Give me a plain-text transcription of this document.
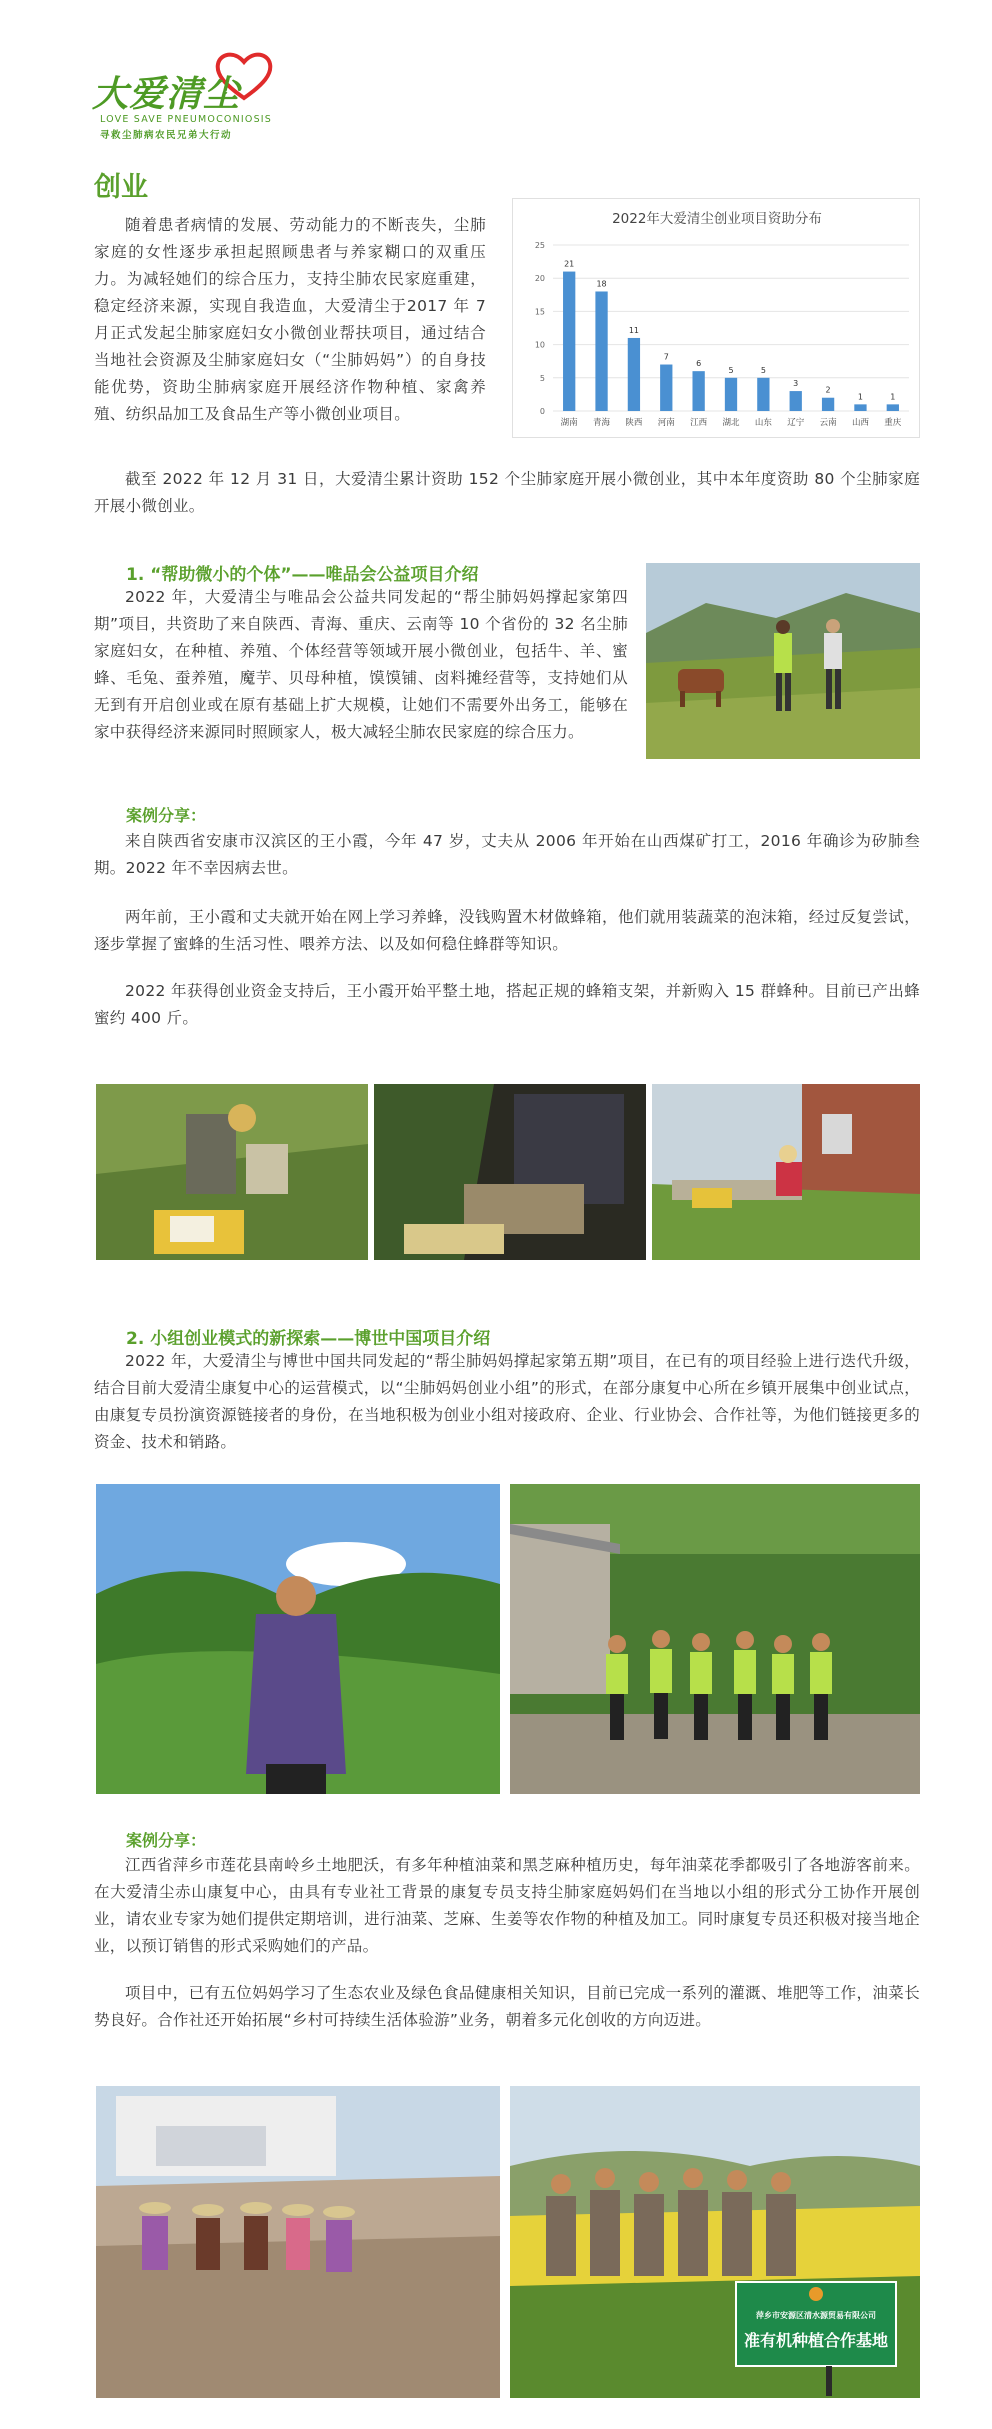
大爱清尘
LOVE SAVE PNEUMOCONIOSIS
寻救尘肺病农民兄弟大行动
创业

随着患者病情的发展、劳动能力的不断丧失，尘肺家庭的女性逐步承担起照顾患者与养家糊口的双重压力。为减轻她们的综合压力，支持尘肺农民家庭重建，稳定经济来源，实现自我造血，大爱清尘于2017 年 7 月正式发起尘肺家庭妇女小微创业帮扶项目，通过结合当地社会资源及尘肺家庭妇女（“尘肺妈妈”）的自身技能优势，资助尘肺病家庭开展经济作物种植、家禽养殖、纺织品加工及食品生产等小微创业项目。

2022年大爱清尘创业项目资助分布
0
5
10
15
20
25
21
湖南
18
青海
11
陕西
7
河南
6
江西
5
湖北
5
山东
3
辽宁
2
云南
1
山西
1
重庆

截至 2022 年 12 月 31 日，大爱清尘累计资助 152 个尘肺家庭开展小微创业，其中本年度资助 80 个尘肺家庭开展小微创业。

1. “帮助微小的个体”——唯品会公益项目介绍

2022 年，大爱清尘与唯品会公益共同发起的“帮尘肺妈妈撑起家第四期”项目，共资助了来自陕西、青海、重庆、云南等 10 个省份的 32 名尘肺家庭妇女，在种植、养殖、个体经营等领域开展小微创业，包括牛、羊、蜜蜂、毛兔、蚕养殖，魔芋、贝母种植，馍馍铺、卤料摊经营等，支持她们从无到有开启创业或在原有基础上扩大规模，让她们不需要外出务工，能够在家中获得经济来源同时照顾家人，极大减轻尘肺农民家庭的综合压力。

案例分享：

来自陕西省安康市汉滨区的王小霞，今年 47 岁，丈夫从 2006 年开始在山西煤矿打工，2016 年确诊为矽肺叁期。2022 年不幸因病去世。

两年前，王小霞和丈夫就开始在网上学习养蜂，没钱购置木材做蜂箱，他们就用装蔬菜的泡沫箱，经过反复尝试，逐步掌握了蜜蜂的生活习性、喂养方法、以及如何稳住蜂群等知识。

2022 年获得创业资金支持后，王小霞开始平整土地，搭起正规的蜂箱支架，并新购入 15 群蜂种。目前已产出蜂蜜约 400 斤。

2. 小组创业模式的新探索——博世中国项目介绍

2022 年，大爱清尘与博世中国共同发起的“帮尘肺妈妈撑起家第五期”项目，在已有的项目经验上进行迭代升级，结合目前大爱清尘康复中心的运营模式，以“尘肺妈妈创业小组”的形式，在部分康复中心所在乡镇开展集中创业试点，由康复专员扮演资源链接者的身份，在当地积极为创业小组对接政府、企业、行业协会、合作社等，为他们链接更多的资金、技术和销路。

案例分享：

江西省萍乡市莲花县南岭乡土地肥沃，有多年种植油菜和黑芝麻种植历史，每年油菜花季都吸引了各地游客前来。在大爱清尘赤山康复中心，由具有专业社工背景的康复专员支持尘肺家庭妈妈们在当地以小组的形式分工协作开展创业，请农业专家为她们提供定期培训，进行油菜、芝麻、生姜等农作物的种植及加工。同时康复专员还积极对接当地企业，以预订销售的形式采购她们的产品。

项目中，已有五位妈妈学习了生态农业及绿色食品健康相关知识，目前已完成一系列的灌溉、堆肥等工作，油菜长势良好。合作社还开始拓展“乡村可持续生活体验游”业务，朝着多元化创收的方向迈进。

萍乡市安源区清水源贸易有限公司
准有机种植合作基地
